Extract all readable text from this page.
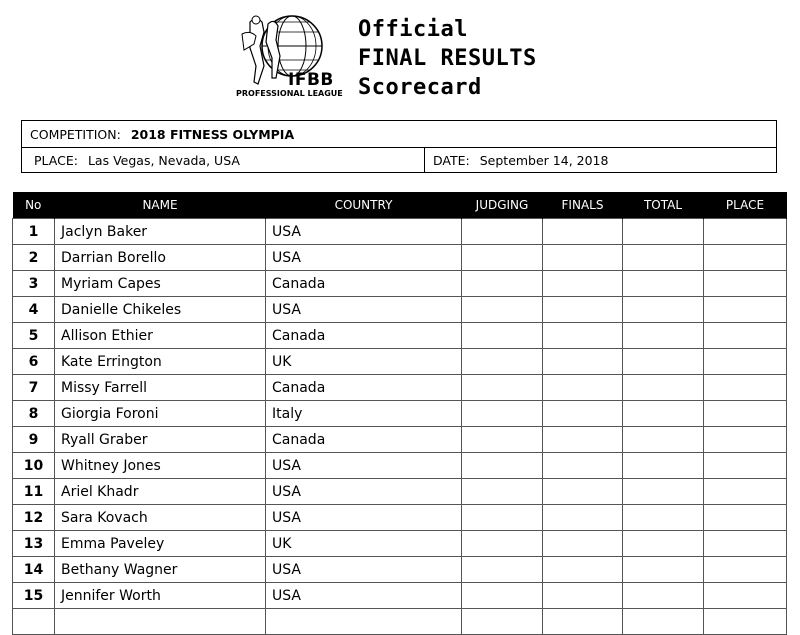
IFBB
PROFESSIONAL LEAGUE
Official
FINAL RESULTS
Scorecard
COMPETITION: 2018 FITNESS OLYMPIA
PLACE: Las Vegas, Nevada, USA	DATE: September 14, 2018
No	NAME	COUNTRY	JUDGING	FINALS	TOTAL	PLACE
1	Jaclyn Baker	USA				
2	Darrian Borello	USA				
3	Myriam Capes	Canada				
4	Danielle Chikeles	USA				
5	Allison Ethier	Canada				
6	Kate Errington	UK				
7	Missy Farrell	Canada				
8	Giorgia Foroni	Italy				
9	Ryall Graber	Canada				
10	Whitney Jones	USA				
11	Ariel Khadr	USA				
12	Sara Kovach	USA				
13	Emma Paveley	UK				
14	Bethany Wagner	USA				
15	Jennifer Worth	USA				
